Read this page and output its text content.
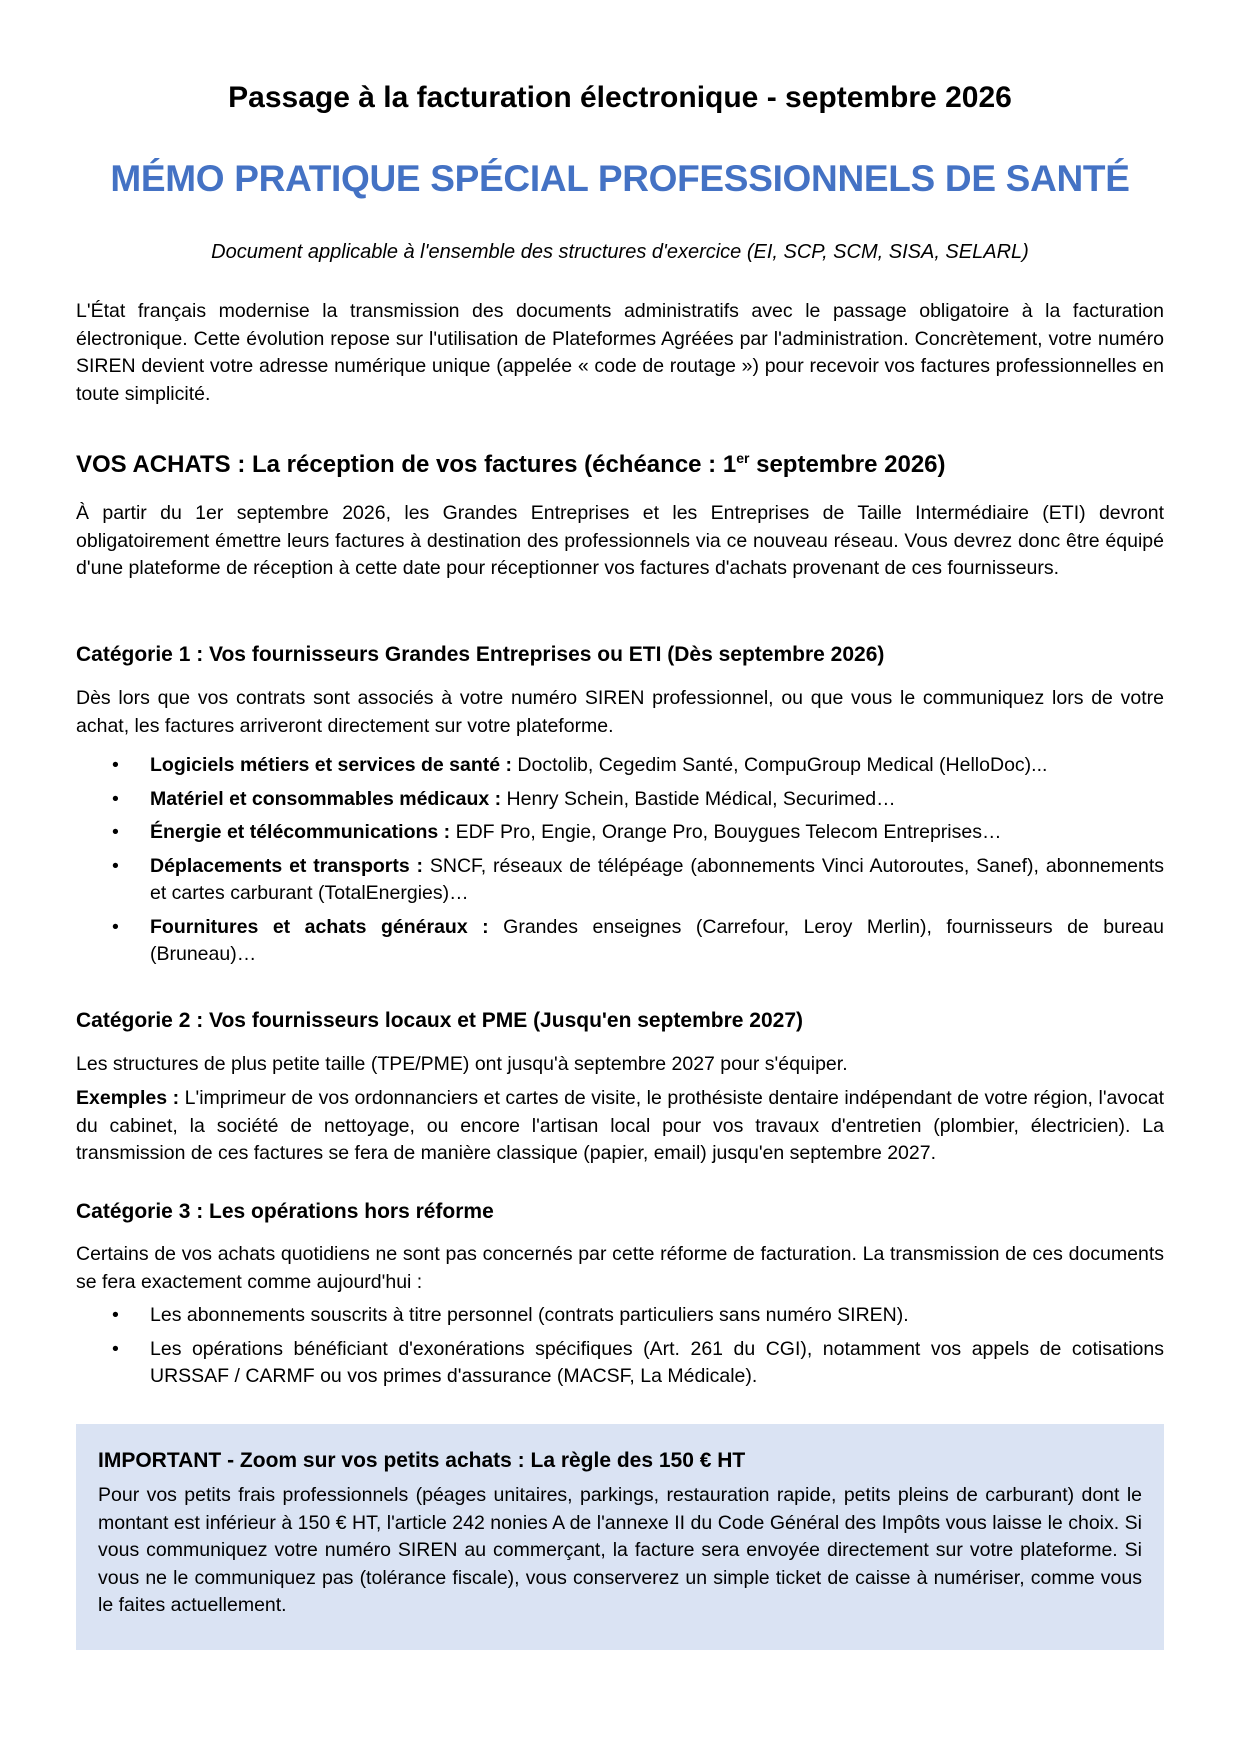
Passage à la facturation électronique - septembre 2026
MÉMO PRATIQUE SPÉCIAL PROFESSIONNELS DE SANTÉ
Document applicable à l'ensemble des structures d'exercice (EI, SCP, SCM, SISA, SELARL)

L'État français modernise la transmission des documents administratifs avec le passage obligatoire à la facturation électronique. Cette évolution repose sur l'utilisation de Plateformes Agréées par l'administration. Concrètement, votre numéro SIREN devient votre adresse numérique unique (appelée « code de routage ») pour recevoir vos factures professionnelles en toute simplicité.

VOS ACHATS : La réception de vos factures (échéance : 1er septembre 2026)

À partir du 1er septembre 2026, les Grandes Entreprises et les Entreprises de Taille Intermédiaire (ETI) devront obligatoirement émettre leurs factures à destination des professionnels via ce nouveau réseau. Vous devrez donc être équipé d'une plateforme de réception à cette date pour réceptionner vos factures d'achats provenant de ces fournisseurs.

Catégorie 1 : Vos fournisseurs Grandes Entreprises ou ETI (Dès septembre 2026)

Dès lors que vos contrats sont associés à votre numéro SIREN professionnel, ou que vous le communiquez lors de votre achat, les factures arriveront directement sur votre plateforme.

• Logiciels métiers et services de santé : Doctolib, Cegedim Santé, CompuGroup Medical (HelloDoc)...
• Matériel et consommables médicaux : Henry Schein, Bastide Médical, Securimed…
• Énergie et télécommunications : EDF Pro, Engie, Orange Pro, Bouygues Telecom Entreprises…
• Déplacements et transports : SNCF, réseaux de télépéage (abonnements Vinci Autoroutes, Sanef), abonnements et cartes carburant (TotalEnergies)…
• Fournitures et achats généraux : Grandes enseignes (Carrefour, Leroy Merlin), fournisseurs de bureau (Bruneau)…
Catégorie 2 : Vos fournisseurs locaux et PME (Jusqu'en septembre 2027)

Les structures de plus petite taille (TPE/PME) ont jusqu'à septembre 2027 pour s'équiper.

Exemples : L'imprimeur de vos ordonnanciers et cartes de visite, le prothésiste dentaire indépendant de votre région, l'avocat du cabinet, la société de nettoyage, ou encore l'artisan local pour vos travaux d'entretien (plombier, électricien). La transmission de ces factures se fera de manière classique (papier, email) jusqu'en septembre 2027.

Catégorie 3 : Les opérations hors réforme

Certains de vos achats quotidiens ne sont pas concernés par cette réforme de facturation. La transmission de ces documents se fera exactement comme aujourd'hui :

• Les abonnements souscrits à titre personnel (contrats particuliers sans numéro SIREN).
• Les opérations bénéficiant d'exonérations spécifiques (Art. 261 du CGI), notamment vos appels de cotisations URSSAF / CARMF ou vos primes d'assurance (MACSF, La Médicale).
IMPORTANT - Zoom sur vos petits achats : La règle des 150 € HT
Pour vos petits frais professionnels (péages unitaires, parkings, restauration rapide, petits pleins de carburant) dont le montant est inférieur à 150 € HT, l'article 242 nonies A de l'annexe II du Code Général des Impôts vous laisse le choix. Si vous communiquez votre numéro SIREN au commerçant, la facture sera envoyée directement sur votre plateforme. Si vous ne le communiquez pas (tolérance fiscale), vous conserverez un simple ticket de caisse à numériser, comme vous le faites actuellement.
